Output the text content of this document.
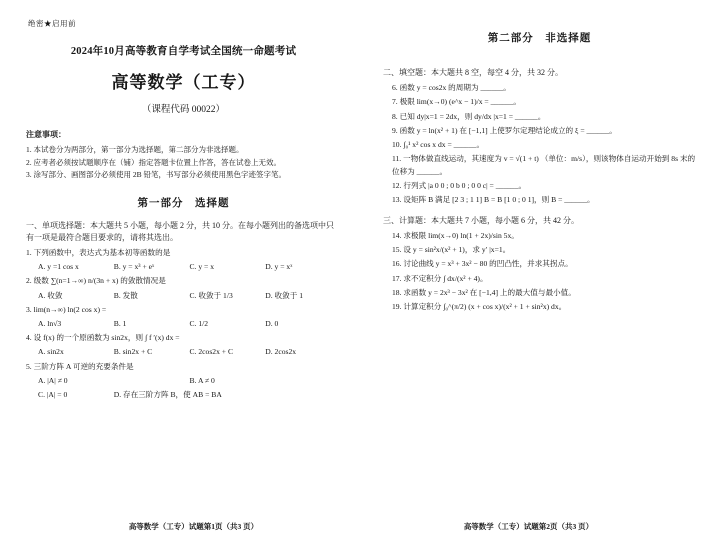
绝密★启用前
2024年10月高等教育自学考试全国统一命题考试
高等数学（工专）
（课程代码 00022）
注意事项：
1. 本试卷分为两部分，第一部分为选择题，第二部分为非选择题。
2. 应考者必须按试题顺序在（铺）指定答题卡位置上作答，答在试卷上无效。
3. 涂写部分、画图部分必须使用 2B 铅笔，书写部分必须使用黑色字迹签字笔。
第一部分　选择题
一、单项选择题：本大题共 5 小题，每小题 2 分，共 10 分。在每小题列出的备选项中只有一项是最符合题目要求的，请将其选出。
1. 下列函数中，表达式为基本初等函数的是
A. y =1 cos x	B. y = x³ + eˣ	C. y = x	D. y = xˣ
2. 级数 ∑(n=1→∞) n/(3n + x) 的敛散情况是
A. 收敛	B. 发散	C. 收敛于 1/3	D. 收敛于 1
3. lim(n→∞) ln(2 cos x) =
A. ln√3	B. 1	C. 1/2	D. 0
4. 设 f(x) 的一个原函数为 sin2x，则 ∫ f ′(x) dx =
A. sin2x	B. sin2x + C	C. 2cos2x + C	D. 2cos2x
5. 三阶方阵 A 可逆的充要条件是
A. |A| ≠ 0	B. A ≠ 0
C. |A| = 0	D. 存在三阶方阵 B，使 AB = BA
高等数学（工专）试题第1页（共3 页）
第二部分　非选择题
二、填空题：本大题共 8 空，每空 4 分，共 32 分。
6. 函数 y = cos2x 的周期为 ______。
7. 极限 lim(x→0) (e^x − 1)/x = ______。
8. 已知 dy|x=1 = 2dx，则 dy/dx |x=1 = ______。
9. 函数 y = ln(x² + 1) 在 [−1,1] 上使罗尔定理结论成立的 ξ = ______。
10. ∫₀¹ x² cos x dx = ______。
11. 一物体做直线运动，其速度为 v = √(1 + t) （单位：m/s），则该物体自运动开始到 8s 末的位移为 ______。
12. 行列式 |a 0 0 ; 0 b 0 ; 0 0 c| = ______。
13. 设矩阵 B 满足 [2 3 ; 1 1] B = B [1 0 ; 0 1]，则 B = ______。
三、计算题：本大题共 7 小题，每小题 6 分，共 42 分。
14. 求极限 lim(x→0) ln(1 + 2x)/sin 5x。
15. 设 y = sin²x/(x² + 1)，求 y′ |x=1。
16. 讨论曲线 y = x³ + 3x² − 80 的凹凸性，并求其拐点。
17. 求不定积分 ∫ dx/(x² + 4)。
18. 求函数 y = 2x³ − 3x² 在 [−1,4] 上的最大值与最小值。
19. 计算定积分 ∫₀^(π/2) (x + cos x)/(x² + 1 + sin²x) dx。
高等数学（工专）试题第2页（共3 页）
